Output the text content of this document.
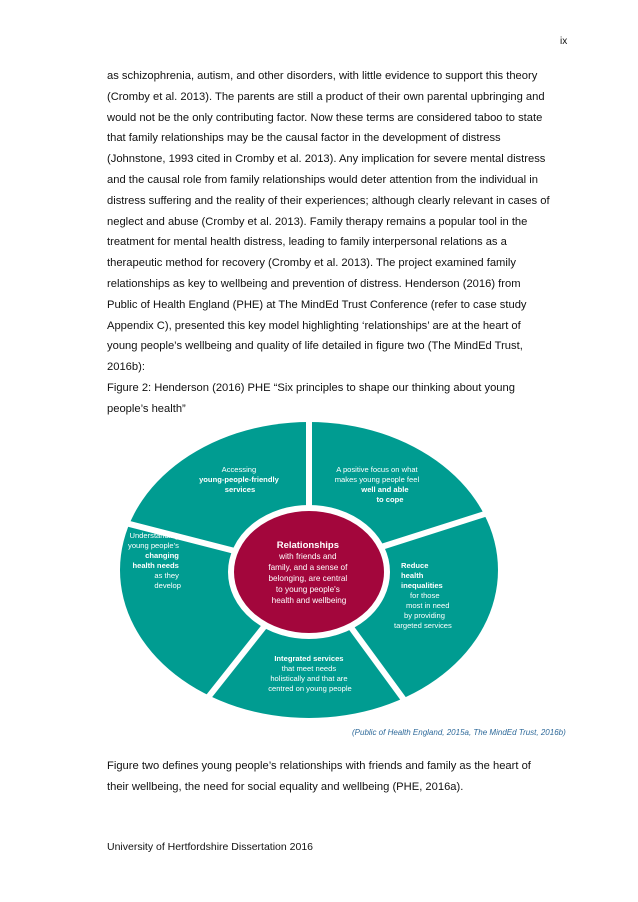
ix
as schizophrenia, autism, and other disorders, with little evidence to support this theory
(Cromby et al. 2013). The parents are still a product of their own parental upbringing and
would not be the only contributing factor. Now these terms are considered taboo to state
that family relationships may be the causal factor in the development of distress
(Johnstone, 1993 cited in Cromby et al. 2013). Any implication for severe mental distress
and the causal role from family relationships would deter attention from the individual in
distress suffering and the reality of their experiences; although clearly relevant in cases of
neglect and abuse (Cromby et al. 2013). Family therapy remains a popular tool in the
treatment for mental health distress, leading to family interpersonal relations as a
therapeutic method for recovery (Cromby et al. 2013). The project examined family
relationships as key to wellbeing and prevention of distress. Henderson (2016) from
Public of Health England (PHE) at The MindEd Trust Conference (refer to case study
Appendix C), presented this key model highlighting ‘relationships’ are at the heart of
young people’s wellbeing and quality of life detailed in figure two (The MindEd Trust,
2016b):
Figure 2: Henderson (2016) PHE “Six principles to shape our thinking about young
people’s health”
Accessing young-people-friendly services
A positive focus on what makes young people feel well and able to cope
Understanding young people's changing health needs as they develop
Reduce health inequalities for those most in need by providing targeted services
Integrated services that meet needs holistically and that are centred on young people
Relationships with friends and family, and a sense of belonging, are central to young people's health and wellbeing
(Public of Health England, 2015a, The MindEd Trust, 2016b)
Figure two defines young people’s relationships with friends and family as the heart of
their wellbeing, the need for social equality and wellbeing (PHE, 2016a).
University of Hertfordshire Dissertation 2016
